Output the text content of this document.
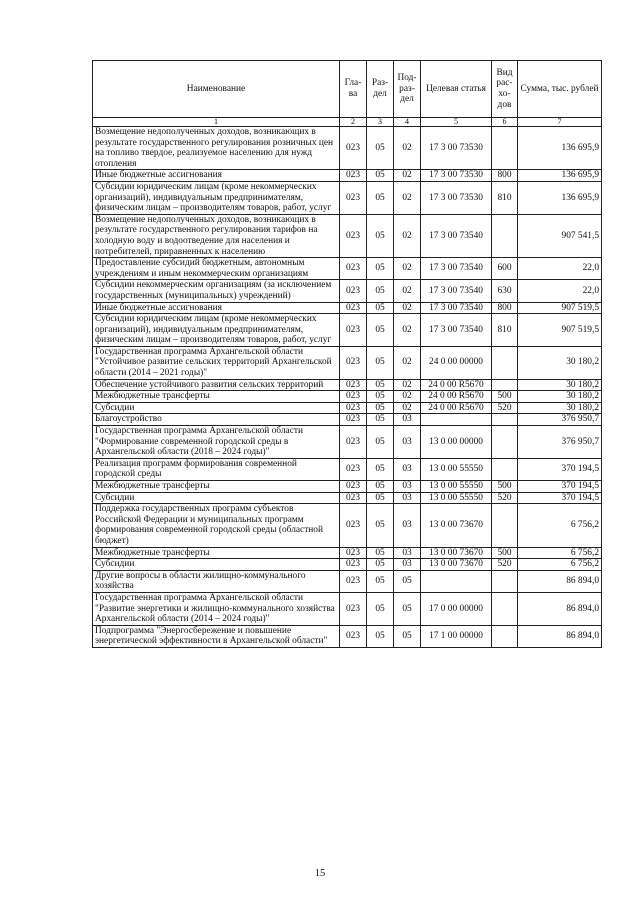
Наименование	Гла-ва	Раз-дел	Под-раз-дел	Целевая статья	Вид рас-хо-дов	Сумма, тыс. рублей
1	2	3	4	5	6	7
Возмещение недополученных доходов, возникающих в результате государственного регулирования розничных цен на топливо твердое, реализуемое населению для нужд отопления	023	05	02	17 3 00 73530		136 695,9
Иные бюджетные ассигнования	023	05	02	17 3 00 73530	800	136 695,9
Субсидии юридическим лицам (кроме некоммерческих организаций), индивидуальным предпринимателям, физическим лицам – производителям товаров, работ, услуг	023	05	02	17 3 00 73530	810	136 695,9
Возмещение недополученных доходов, возникающих в результате государственного регулирования тарифов на холодную воду и водоотведение для населения и потребителей, приравненных к населению	023	05	02	17 3 00 73540		907 541,5
Предоставление субсидий бюджетным, автономным учреждениям и иным некоммерческим организациям	023	05	02	17 3 00 73540	600	22,0
Субсидии некоммерческим организациям (за исключением государственных (муниципальных) учреждений)	023	05	02	17 3 00 73540	630	22,0
Иные бюджетные ассигнования	023	05	02	17 3 00 73540	800	907 519,5
Субсидии юридическим лицам (кроме некоммерческих организаций), индивидуальным предпринимателям, физическим лицам – производителям товаров, работ, услуг	023	05	02	17 3 00 73540	810	907 519,5
Государственная программа Архангельской области "Устойчивое развитие сельских территорий Архангельской области (2014 – 2021 годы)"	023	05	02	24 0 00 00000		30 180,2
Обеспечение устойчивого развития сельских территорий	023	05	02	24 0 00 R5670		30 180,2
Межбюджетные трансферты	023	05	02	24 0 00 R5670	500	30 180,2
Субсидии	023	05	02	24 0 00 R5670	520	30 180,2
Благоустройство	023	05	03			376 950,7
Государственная программа Архангельской области "Формирование современной городской среды в Архангельской области (2018 – 2024 годы)"	023	05	03	13 0 00 00000		376 950,7
Реализация программ формирования современной городской среды	023	05	03	13 0 00 55550		370 194,5
Межбюджетные трансферты	023	05	03	13 0 00 55550	500	370 194,5
Субсидии	023	05	03	13 0 00 55550	520	370 194,5
Поддержка государственных программ субъектов Российской Федерации и муниципальных программ формирования современной городской среды (областной бюджет)	023	05	03	13 0 00 73670		6 756,2
Межбюджетные трансферты	023	05	03	13 0 00 73670	500	6 756,2
Субсидии	023	05	03	13 0 00 73670	520	6 756,2
Другие вопросы в области жилищно-коммунального хозяйства	023	05	05			86 894,0
Государственная программа Архангельской области "Развитие энергетики и жилищно-коммунального хозяйства Архангельской области (2014 – 2024 годы)"	023	05	05	17 0 00 00000		86 894,0
Подпрограмма "Энергосбережение и повышение энергетической эффективности в Архангельской области"	023	05	05	17 1 00 00000		86 894,0
15
